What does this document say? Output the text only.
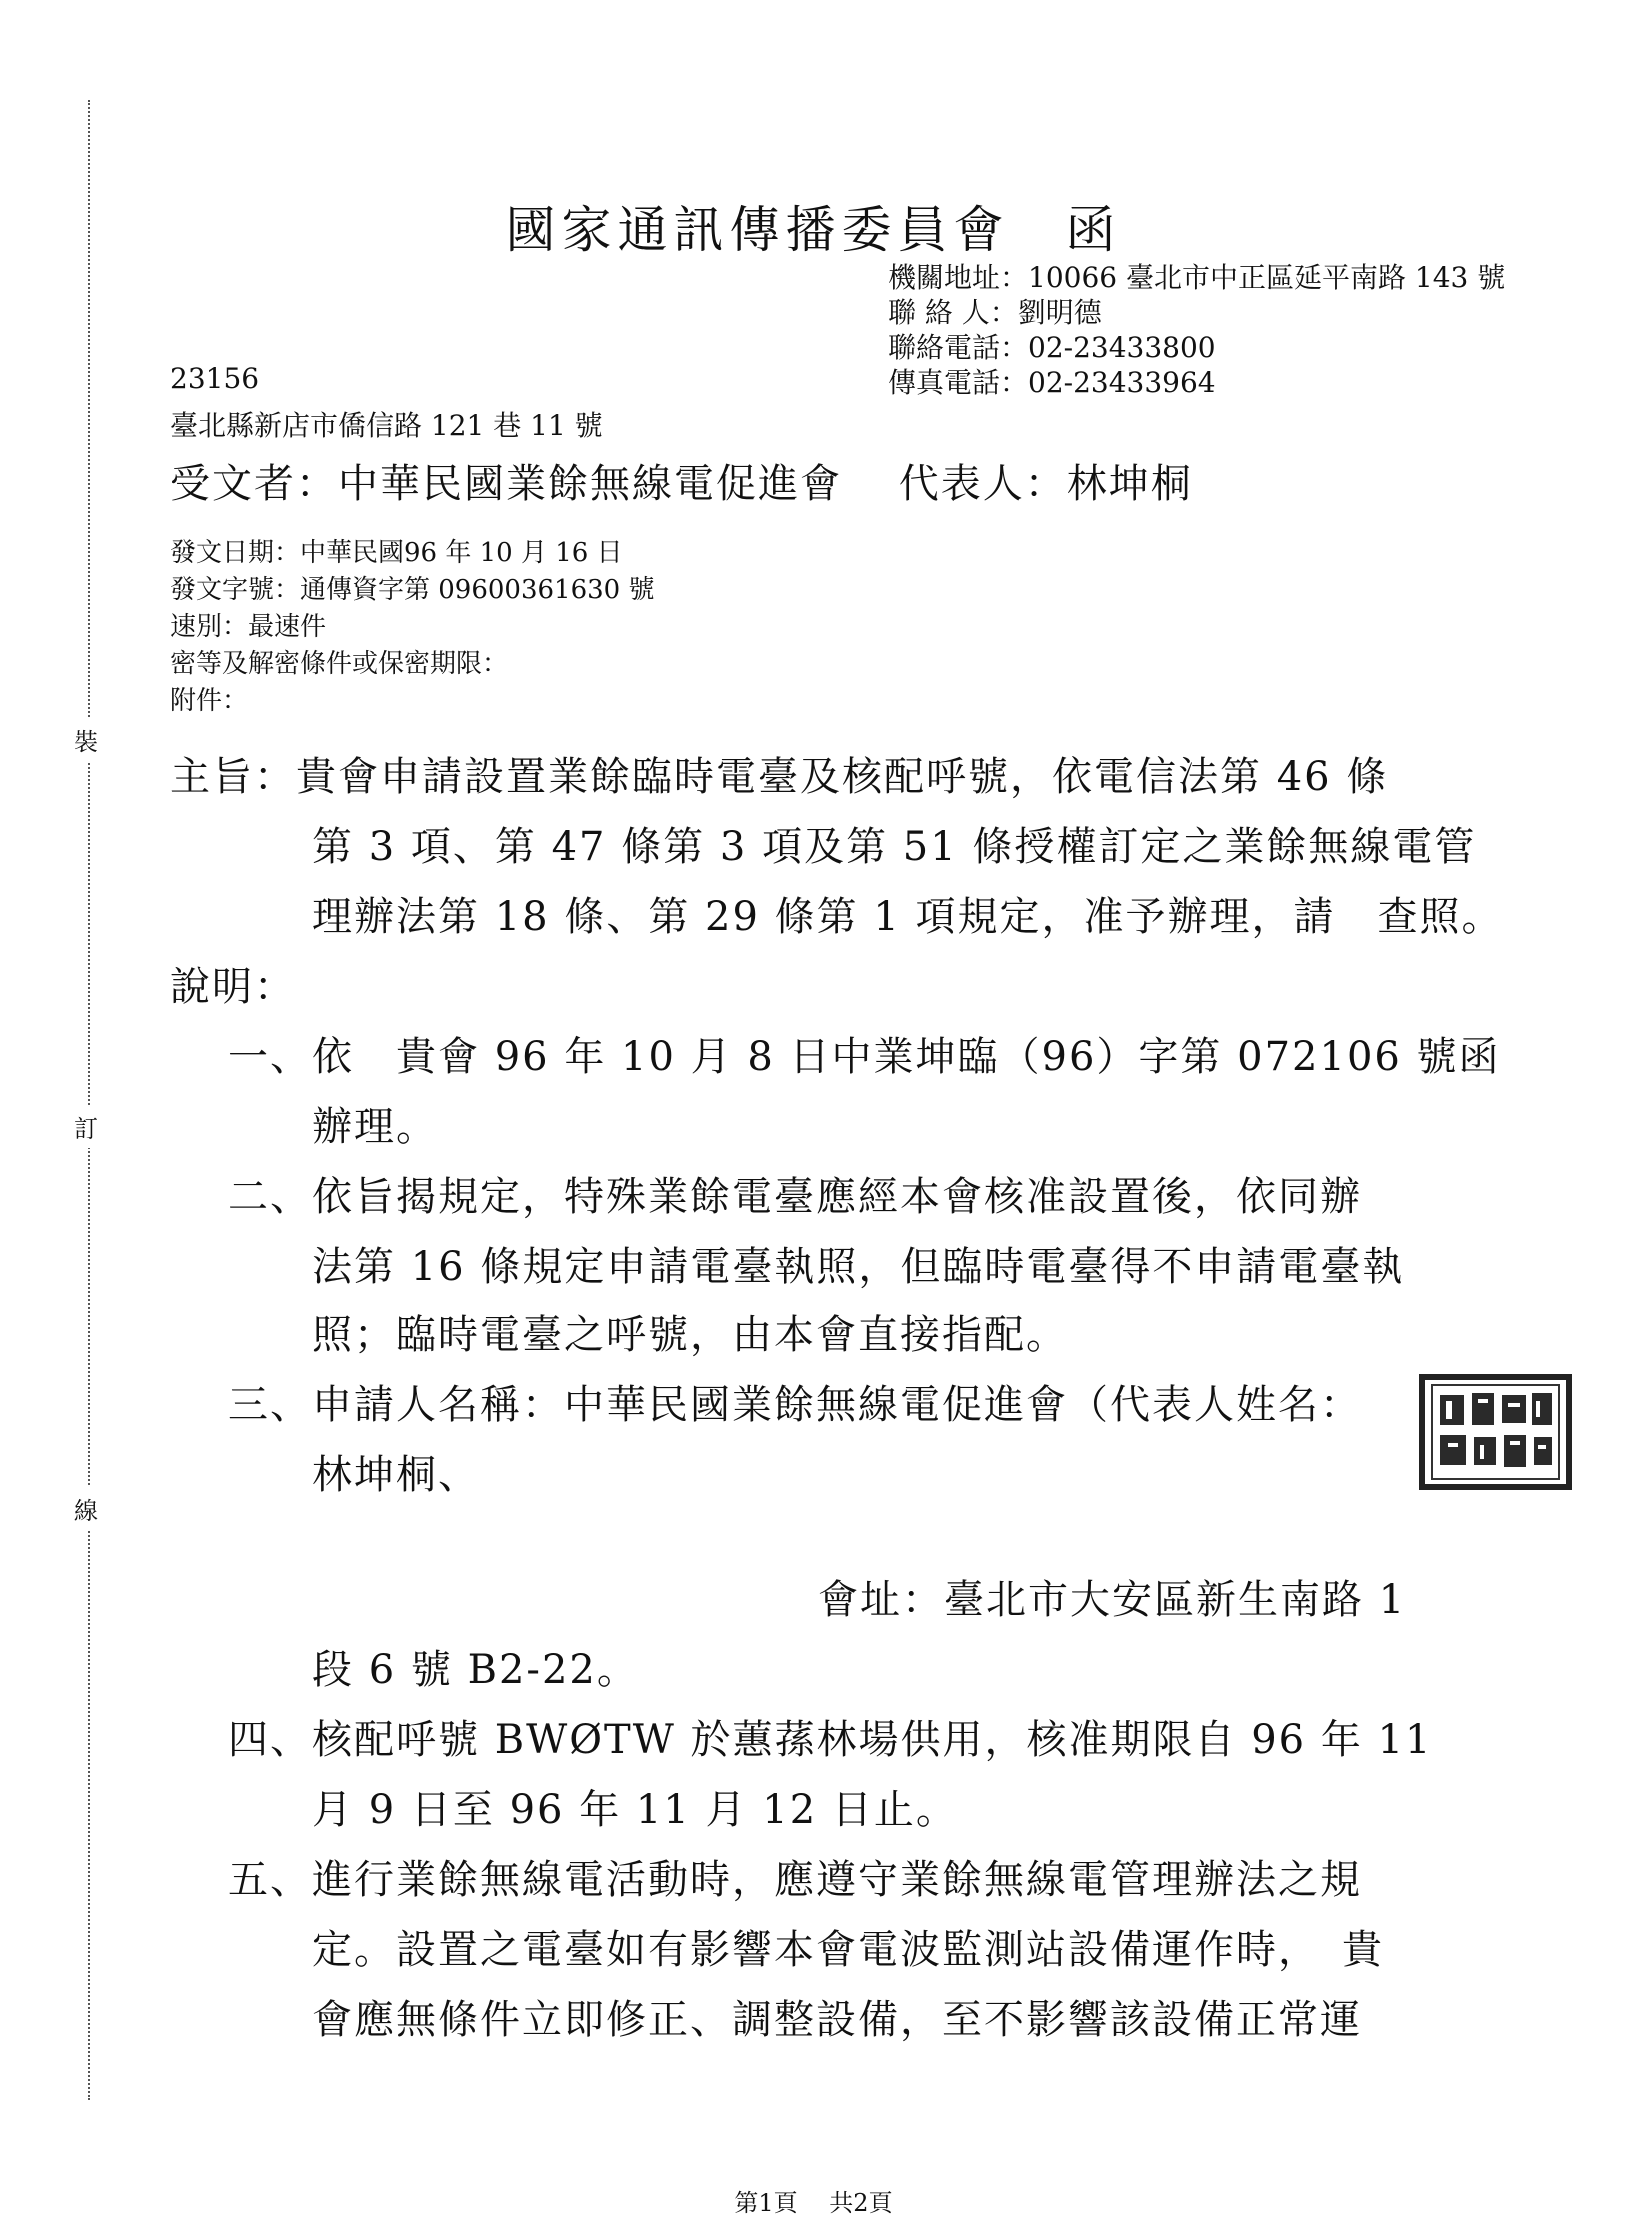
裝
訂
線
國家通訊傳播委員會　函
機關地址：10066 臺北市中正區延平南路 143 號
聯 絡 人：劉明德
聯絡電話：02-23433800
傳真電話：02-23433964
23156
臺北縣新店市僑信路 121 巷 11 號
受文者：中華民國業餘無線電促進會　 代表人：林坤桐
發文日期：中華民國96 年 10 月 16 日
發文字號：通傳資字第 09600361630 號
速別：最速件
密等及解密條件或保密期限：
附件：
主旨：貴會申請設置業餘臨時電臺及核配呼號，依電信法第 46 條
第 3 項、第 47 條第 3 項及第 51 條授權訂定之業餘無線電管
理辦法第 18 條、第 29 條第 1 項規定，准予辦理，請　查照。
說明：
一、依　貴會 96 年 10 月 8 日中業坤臨（96）字第 072106 號函
辦理。
二、依旨揭規定，特殊業餘電臺應經本會核准設置後，依同辦
法第 16 條規定申請電臺執照，但臨時電臺得不申請電臺執
照；臨時電臺之呼號，由本會直接指配。
三、申請人名稱：中華民國業餘無線電促進會（代表人姓名：
林坤桐、
會址：臺北市大安區新生南路 1
段 6 號 B2-22。
四、核配呼號 BWØTW 於蕙蓀林場供用，核准期限自 96 年 11
月 9 日至 96 年 11 月 12 日止。
五、進行業餘無線電活動時，應遵守業餘無線電管理辦法之規
定。設置之電臺如有影響本會電波監測站設備運作時，　貴
會應無條件立即修正、調整設備，至不影響該設備正常運
第1頁　 共2頁
